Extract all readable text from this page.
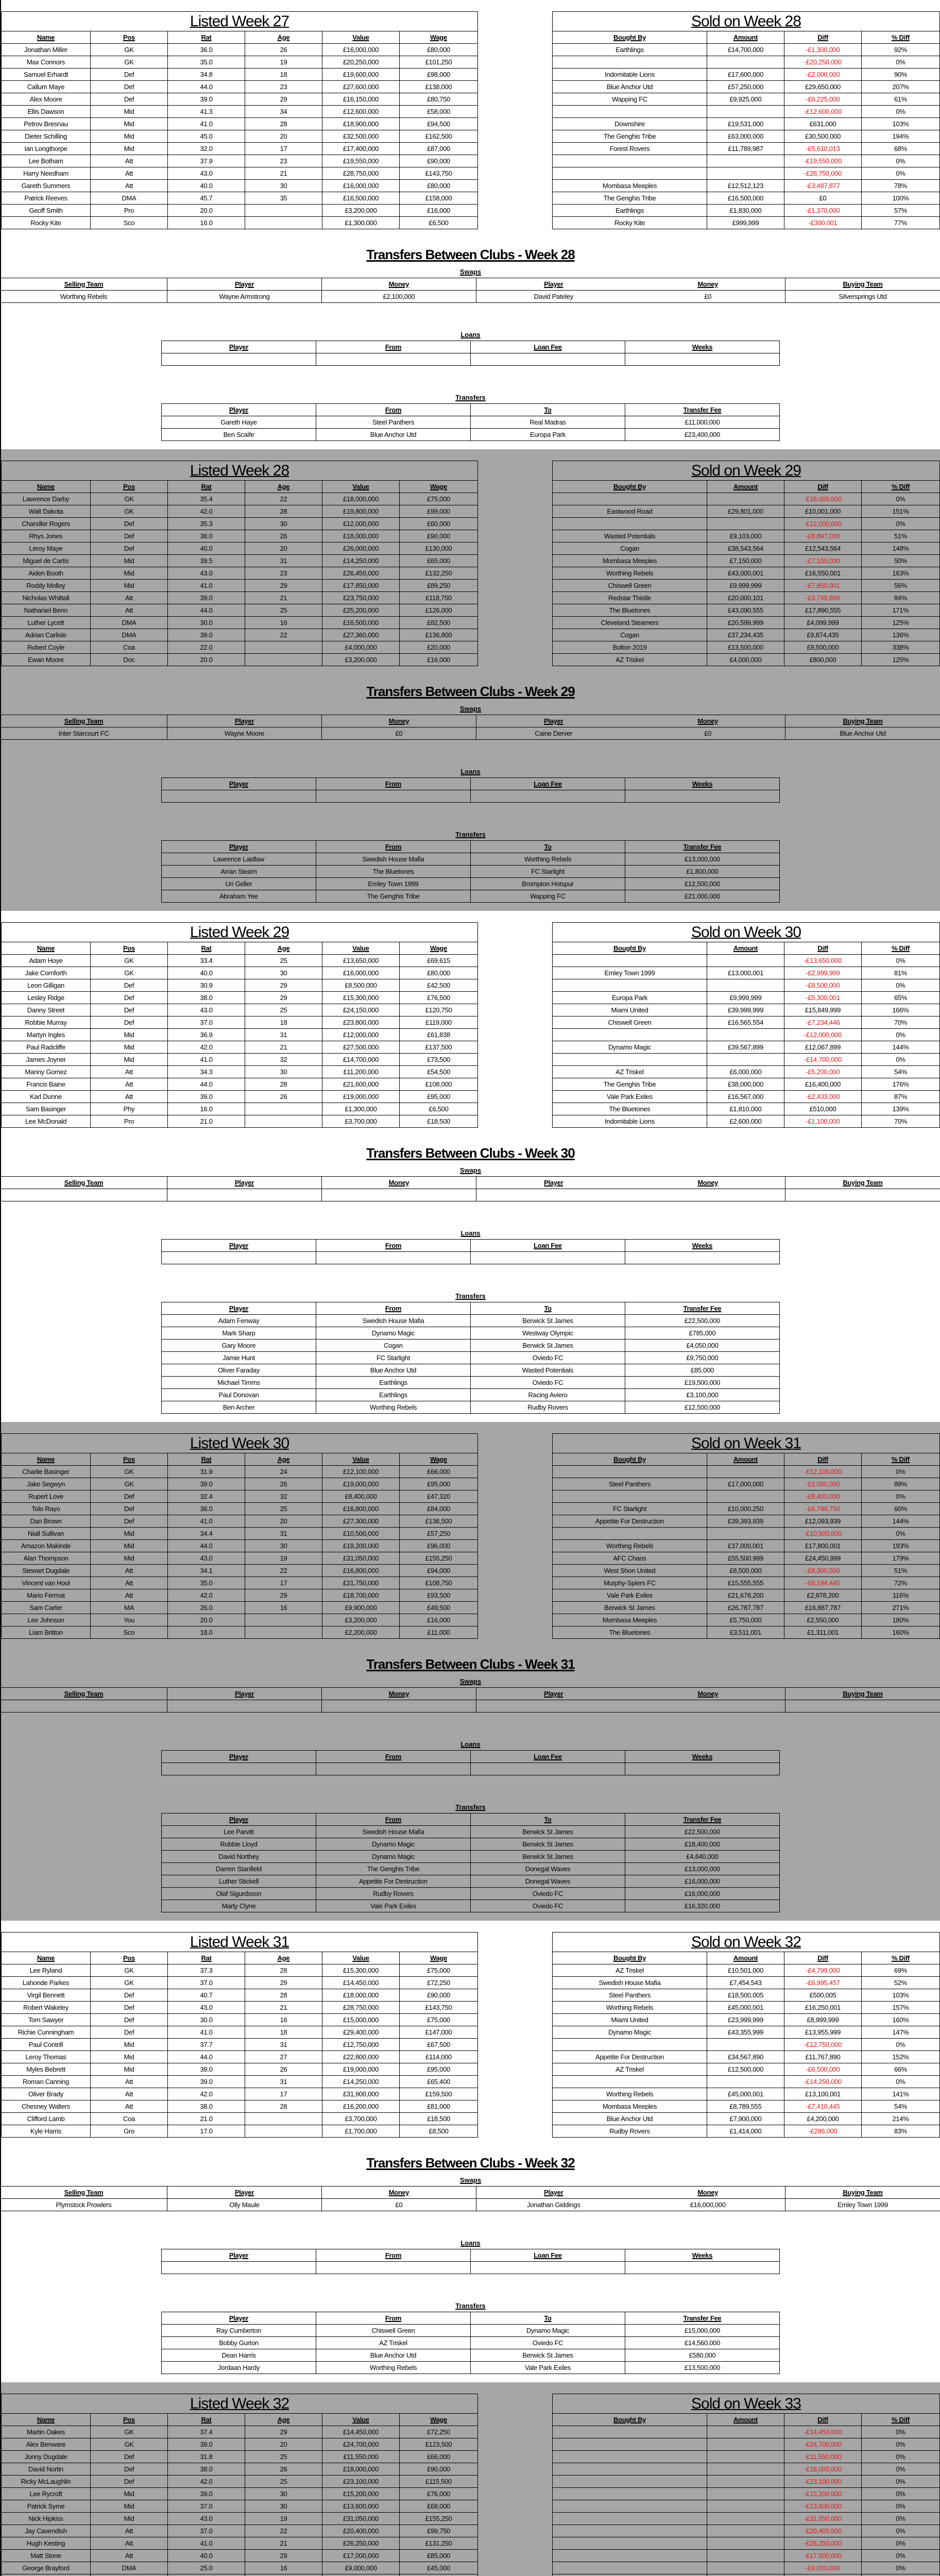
Listed Week 27					
Name	Pos	Rat	Age	Value	Wage
Jonathan Miller	GK	36.0	26	£16,000,000	£80,000
Max Connors	GK	35.0	19	£20,250,000	£101,250
Samuel Erhardt	Def	34.8	18	£19,600,000	£98,000
Callum Maye	Def	44.0	23	£27,600,000	£138,000
Alex Moore	Def	39.0	29	£16,150,000	£80,750
Ellis Dawson	Mid	41.3	34	£12,600,000	£58,000
Petrov Bresnau	Mid	41.0	28	£18,900,000	£94,500
Dieter Schilling	Mid	45.0	20	£32,500,000	£162,500
Ian Longthorpe	Mid	32.0	17	£17,400,000	£87,000
Lee Botham	Att	37.9	23	£19,550,000	£90,000
Harry Needham	Att	43.0	21	£28,750,000	£143,750
Gareth Summers	Att	40.0	30	£16,000,000	£80,000
Patrick Reeves	DMA	45.7	35	£16,500,000	£158,000
Geoff Smith	Pro	20.0		£3,200,000	£16,000
Rocky Kite	Sco	16.0		£1,300,000	£6,500
Sold on Week 28			
Bought By	Amount	Diff	% Diff
Earthlings	£14,700,000	-£1,300,000	92%
		-£20,250,000	0%
Indomitable Lions	£17,600,000	-£2,000,000	90%
Blue Anchor Utd	£57,250,000	£29,650,000	207%
Wapping FC	£9,925,000	-£6,225,000	61%
		-£12,600,000	0%
Downshire	£19,531,000	£631,000	103%
The Genghis Tribe	£63,000,000	£30,500,000	194%
Forest Rovers	£11,789,987	-£5,610,013	68%
		-£19,550,000	0%
		-£28,750,000	0%
Mombasa Meeples	£12,512,123	-£3,487,877	78%
The Genghis Tribe	£16,500,000	£0	100%
Earthlings	£1,830,000	-£1,370,000	57%
Rocky Kite	£999,999	-£300,001	77%
Transfers Between Clubs - Week 28
Swaps
Selling Team	Player	Money	Player	Money	Buying Team
Worthing Rebels	Wayne Armstrong	£2,100,000	David Pateley	£0	Silversprings Utd
Loans
Player	From	Loan Fee	Weeks

Transfers
Player	From	To	Transfer Fee
Gareth Haye	Steel Panthers	Real Madras	£11,000,000
Ben Scaife	Blue Anchor Utd	Europa Park	£23,400,000
Listed Week 28					
Name	Pos	Rat	Age	Value	Wage
Lawrence Darby	GK	35.4	22	£18,000,000	£75,000
Walt Dakota	GK	42.0	28	£19,800,000	£99,000
Chandler Rogers	Def	35.3	30	£12,000,000	£60,000
Rhys Jones	Def	38.0	26	£18,000,000	£90,000
Leroy Maye	Def	40.0	20	£26,000,000	£130,000
Miguel de Cartis	Mid	39.5	31	£14,250,000	£65,000
Aiden Booth	Mid	43.0	23	£26,450,000	£132,250
Roddy Molloy	Mid	41.0	29	£17,850,000	£89,250
Nicholas Whittall	Att	39.0	21	£23,750,000	£118,750
Nathaniel Benn	Att	44.0	25	£25,200,000	£126,000
Luther Lycett	DMA	30.0	16	£16,500,000	£82,500
Adrian Carlisle	DMA	39.0	22	£27,360,000	£136,800
Robert Coyle	Coa	22.0		£4,000,000	£20,000
Ewan Moore	Doc	20.0		£3,200,000	£16,000
Sold on Week 29			
Bought By	Amount	Diff	% Diff
		-£18,000,000	0%
Eastwood Road	£29,801,000	£10,001,000	151%
		-£12,000,000	0%
Wasted Potentials	£9,103,000	-£8,897,000	51%
Cogan	£38,543,564	£12,543,564	148%
Mombasa Meeples	£7,150,000	-£7,100,000	50%
Worthing Rebels	£43,000,001	£16,550,001	163%
Chiswell Green	£9,999,999	-£7,850,001	56%
Redstar Thistle	£20,000,101	-£3,749,899	84%
The Bluetones	£43,090,555	£17,890,555	171%
Cleveland Steamers	£20,599,999	£4,099,999	125%
Cogan	£37,234,435	£9,874,435	136%
Bolton 2019	£13,500,000	£9,500,000	338%
AZ Triskel	£4,000,000	£800,000	125%
Transfers Between Clubs - Week 29
Swaps
Selling Team	Player	Money	Player	Money	Buying Team
Inter Starcourt FC	Wayne Moore	£0	Caine Derver	£0	Blue Anchor Utd
Loans
Player	From	Loan Fee	Weeks

Transfers
Player	From	To	Transfer Fee
Lawrence Laidlaw	Swedish House Mafia	Worthing Rebels	£13,000,000
Arran Stearn	The Bluetones	FC Starlight	£1,800,000
Uri Geller	Emley Town 1999	Brompton Hotspur	£12,500,000
Abraham Yee	The Genghis Tribe	Wapping FC	£21,000,000
Listed Week 29					
Name	Pos	Rat	Age	Value	Wage
Adam Hoye	GK	33.4	25	£13,650,000	£69,615
Jake Cornforth	GK	40.0	30	£16,000,000	£80,000
Leon Gilligan	Def	30.9	29	£8,500,000	£42,500
Lesley Ridge	Def	38.0	29	£15,300,000	£76,500
Danny Street	Def	43.0	25	£24,150,000	£120,750
Robbie Murray	Def	37.0	18	£23,800,000	£119,000
Martyn Ingles	Mid	36.9	31	£12,000,000	£61,838
Paul Radcliffe	Mid	42.0	21	£27,500,000	£137,500
James Joyner	Mid	41.0	32	£14,700,000	£73,500
Manny Gomez	Att	34.3	30	£11,200,000	£54,500
Francis Baine	Att	44.0	28	£21,600,000	£108,000
Karl Dunne	Att	39.0	26	£19,000,000	£95,000
Sam Basinger	Phy	16.0		£1,300,000	£6,500
Lee McDonald	Pro	21.0		£3,700,000	£18,500
Sold on Week 30			
Bought By	Amount	Diff	% Diff
		-£13,650,000	0%
Emley Town 1999	£13,000,001	-£2,999,999	81%
		-£8,500,000	0%
Europa Park	£9,999,999	-£5,300,001	65%
Miami United	£39,999,999	£15,849,999	166%
Chiswell Green	£16,565,554	-£7,234,446	70%
		-£12,000,000	0%
Dynamo Magic	£39,567,899	£12,067,899	144%
		-£14,700,000	0%
AZ Triskel	£6,000,000	-£5,200,000	54%
The Genghis Tribe	£38,000,000	£16,400,000	176%
Vale Park Exiles	£16,567,000	-£2,433,000	87%
The Bluetones	£1,810,000	£510,000	139%
Indomitable Lions	£2,600,000	-£1,100,000	70%
Transfers Between Clubs - Week 30
Swaps
Selling Team	Player	Money	Player	Money	Buying Team

Loans
Player	From	Loan Fee	Weeks

Transfers
Player	From	To	Transfer Fee
Adam Fenway	Swedish House Mafia	Berwick St James	£22,500,000
Mark Sharp	Dynamo Magic	Westway Olympic	£785,000
Gary Moore	Cogan	Berwick St James	£4,050,000
Jamie Hunt	FC Starlight	Oviedo FC	£9,750,000
Oliver Faraday	Blue Anchor Utd	Wasted Potentials	£85,000
Michael Timms	Earthlings	Oviedo FC	£19,500,000
Paul Donovan	Earthlings	Racing Aviero	£3,100,000
Ben Archer	Worthing Rebels	Rudby Rovers	£12,500,000
Listed Week 30					
Name	Pos	Rat	Age	Value	Wage
Charlie Basinger	GK	31.9	24	£12,100,000	£66,000
Jake Segwyn	GK	39.0	26	£19,000,000	£95,000
Rupert Love	Def	32.4	32	£8,400,000	£47,320
Tolo Rayo	Def	36.0	25	£16,800,000	£84,000
Dan Brown	Def	41.0	20	£27,300,000	£136,500
Niall Sullivan	Mid	34.4	31	£10,500,000	£57,250
Amazon Makinde	Mid	44.0	30	£19,200,000	£96,000
Alan Thompson	Mid	43.0	19	£31,050,000	£155,250
Stewart Dugdale	Att	34.1	22	£16,800,000	£94,000
Vincent van Hool	Att	35.0	17	£21,750,000	£108,750
Mario Fermat	Att	42.0	29	£18,700,000	£93,500
Sam Carter	MA	26.0	16	£9,900,000	£49,500
Lee Johnson	You	20.0		£3,200,000	£16,000
Liam Britton	Sco	18.0		£2,200,000	£11,000
Sold on Week 31			
Bought By	Amount	Diff	% Diff
		-£12,100,000	0%
Steel Panthers	£17,000,000	-£2,000,000	89%
		-£8,400,000	0%
FC Starlight	£10,000,250	-£6,799,750	60%
Appetite For Destruction	£39,393,939	£12,093,939	144%
		-£10,500,000	0%
Worthing Rebels	£37,000,001	£17,800,001	193%
AFC Chaos	£55,500,999	£24,450,999	179%
West Shon United	£8,500,000	-£8,300,000	51%
Murphy-Spiers FC	£15,555,555	-£6,194,445	72%
Vale Park Exiles	£21,678,200	£2,978,200	116%
Berwick St James	£26,787,787	£16,887,787	271%
Mombasa Meeples	£5,750,000	£2,550,000	180%
The Bluetones	£3,511,001	£1,311,001	160%
Transfers Between Clubs - Week 31
Swaps
Selling Team	Player	Money	Player	Money	Buying Team

Loans
Player	From	Loan Fee	Weeks

Transfers
Player	From	To	Transfer Fee
Lee Parvitt	Swedish House Mafia	Berwick St James	£22,500,000
Robbie Lloyd	Dynamo Magic	Berwick St James	£18,400,000
David Northey	Dynamo Magic	Berwick St James	£4,640,000
Darren Stanfield	The Genghis Tribe	Donegal Waves	£13,000,000
Luther Stickell	Appetite For Destruction	Donegal Waves	£16,000,000
Olaf Sigurdsson	Rudby Rovers	Oviedo FC	£16,000,000
Marty Clyne	Vale Park Exiles	Oviedo FC	£16,320,000
Listed Week 31					
Name	Pos	Rat	Age	Value	Wage
Lee Ryland	GK	37.3	28	£15,300,000	£75,000
Lahonde Parkes	GK	37.0	29	£14,450,000	£72,250
Virgil Bennett	Def	40.7	28	£18,000,000	£90,000
Robert Wakeley	Def	43.0	21	£28,750,000	£143,750
Tom Sawyer	Def	30.0	16	£15,000,000	£75,000
Richie Cunningham	Def	41.0	18	£29,400,000	£147,000
Paul Contrill	Mid	37.7	31	£12,750,000	£67,500
Leroy Thomas	Mid	44.0	27	£22,800,000	£114,000
Myles Bebrett	Mid	39.0	26	£19,000,000	£95,000
Roman Canning	Att	39.0	31	£14,250,000	£65,400
Oliver Brady	Att	42.0	17	£31,900,000	£159,500
Chesney Walters	Att	38.0	28	£16,200,000	£81,000
Clifford Lamb	Coa	21.0		£3,700,000	£18,500
Kyle Harris	Gro	17.0		£1,700,000	£8,500
Sold on Week 32			
Bought By	Amount	Diff	% Diff
AZ Triskel	£10,501,000	-£4,799,000	69%
Swedish House Mafia	£7,454,543	-£6,995,457	52%
Steel Panthers	£18,500,005	£500,005	103%
Worthing Rebels	£45,000,001	£16,250,001	157%
Miami United	£23,999,999	£8,999,999	160%
Dynamo Magic	£43,355,999	£13,955,999	147%
		-£12,750,000	0%
Appetite For Destruction	£34,567,890	£11,767,890	152%
AZ Triskel	£12,500,000	-£6,500,000	66%
		-£14,250,000	0%
Worthing Rebels	£45,000,001	£13,100,001	141%
Mombasa Meeples	£8,789,555	-£7,410,445	54%
Blue Anchor Utd	£7,900,000	£4,200,000	214%
Rudby Rovers	£1,414,000	-£286,000	83%
Transfers Between Clubs - Week 32
Swaps
Selling Team	Player	Money	Player	Money	Buying Team
Plymstock Prowlers	Olly Maule	£0	Jonathan Giddings	£16,000,000	Emley Town 1999
Loans
Player	From	Loan Fee	Weeks

Transfers
Player	From	To	Transfer Fee
Ray Cumberton	Chiswell Green	Dynamo Magic	£15,000,000
Bobby Gurton	AZ Triskel	Oviedo FC	£14,560,000
Dean Harris	Blue Anchor Utd	Berwick St James	£580,000
Jordaan Hardy	Worthing Rebels	Vale Park Exiles	£13,500,000
Listed Week 32					
Name	Pos	Rat	Age	Value	Wage
Martin Oakes	GK	37.4	29	£14,450,000	£72,250
Alex Benware	GK	39.0	20	£24,700,000	£123,500
Jonny Dugdale	Def	31.8	25	£11,550,000	£66,000
David Nortin	Def	38.0	26	£18,000,000	£90,000
Ricky McLaughlin	Def	42.0	25	£23,100,000	£115,500
Lee Rycroft	Mid	39.0	30	£15,200,000	£76,000
Patrick Syme	Mid	37.0	30	£13,600,000	£68,000
Nick Hipkiss	Mid	43.0	19	£31,050,000	£155,250
Jay Cavendish	Att	37.0	22	£20,400,000	£99,750
Hugh Kesting	Att	41.0	21	£26,250,000	£131,250
Matt Stone	Att	40.0	29	£17,000,000	£85,000
George Brayford	DMA	25.0	16	£9,000,000	£45,000

Sold on Week 33			
Bought By	Amount	Diff	% Diff
		-£14,450,000	0%
		-£24,700,000	0%
		-£11,550,000	0%
		-£18,000,000	0%
		-£23,100,000	0%
		-£15,200,000	0%
		-£13,600,000	0%
		-£31,050,000	0%
		-£20,400,000	0%
		-£26,250,000	0%
		-£17,000,000	0%
		-£9,000,000	0%
